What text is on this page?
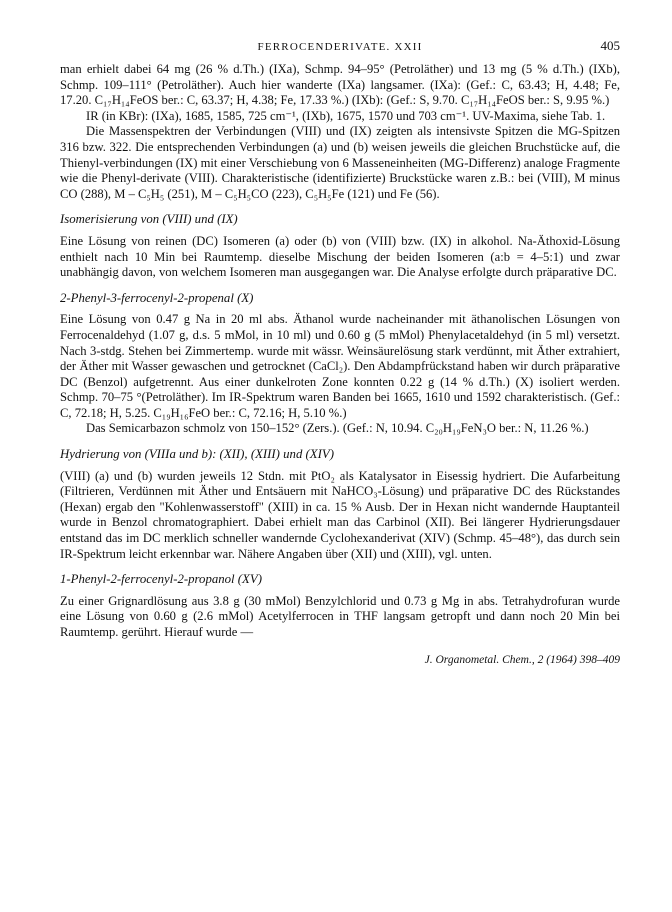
FERROCENDERIVATE. XXII	405

man erhielt dabei 64 mg (26 % d.Th.) (IXa), Schmp. 94–95° (Petroläther) und 13 mg (5 % d.Th.) (IXb), Schmp. 109–111° (Petroläther). Auch hier wanderte (IXa) langsamer. (IXa): (Gef.: C, 63.43; H, 4.48; Fe, 17.20. C₁₇H₁₄FeOS ber.: C, 63.37; H, 4.38; Fe, 17.33 %.) (IXb): (Gef.: S, 9.70. C₁₇H₁₄FeOS ber.: S, 9.95 %.)

IR (in KBr): (IXa), 1685, 1585, 725 cm⁻¹, (IXb), 1675, 1570 und 703 cm⁻¹. UV-Maxima, siehe Tab. 1.

Die Massenspektren der Verbindungen (VIII) und (IX) zeigten als intensivste Spitzen die MG-Spitzen 316 bzw. 322. Die entsprechenden Verbindungen (a) und (b) weisen jeweils die gleichen Bruchstücke auf, die Thienyl-verbindungen (IX) mit einer Verschiebung von 6 Masseneinheiten (MG-Differenz) analoge Fragmente wie die Phenyl-derivate (VIII). Charakteristische (identifizierte) Bruckstücke waren z.B.: bei (VIII), M minus CO (288), M – C₅H₅ (251), M – C₅H₅CO (223), C₅H₅Fe (121) und Fe (56).

Isomerisierung von (VIII) und (IX)

Eine Lösung von reinen (DC) Isomeren (a) oder (b) von (VIII) bzw. (IX) in alkohol. Na-Äthoxid-Lösung enthielt nach 10 Min bei Raumtemp. dieselbe Mischung der beiden Isomeren (a:b = 4–5:1) und zwar unabhängig davon, von welchem Isomeren man ausgegangen war. Die Analyse erfolgte durch präparative DC.

2-Phenyl-3-ferrocenyl-2-propenal (X)

Eine Lösung von 0.47 g Na in 20 ml abs. Äthanol wurde nacheinander mit äthanolischen Lösungen von Ferrocenaldehyd (1.07 g, d.s. 5 mMol, in 10 ml) und 0.60 g (5 mMol) Phenylacetaldehyd (in 5 ml) versetzt. Nach 3-stdg. Stehen bei Zimmertemp. wurde mit wässr. Weinsäurelösung stark verdünnt, mit Äther extrahiert, der Äther mit Wasser gewaschen und getrocknet (CaCl₂). Den Abdampfrückstand haben wir durch präparative DC (Benzol) aufgetrennt. Aus einer dunkelroten Zone konnten 0.22 g (14 % d.Th.) (X) isoliert werden. Schmp. 70–75 °(Petroläther). Im IR-Spektrum waren Banden bei 1665, 1610 und 1592 charakteristisch. (Gef.: C, 72.18; H, 5.25. C₁₉H₁₆FeO ber.: C, 72.16; H, 5.10 %.)

Das Semicarbazon schmolz von 150–152° (Zers.). (Gef.: N, 10.94. C₂₀H₁₉FeN₃O ber.: N, 11.26 %.)

Hydrierung von (VIIIa und b): (XII), (XIII) und (XIV)

(VIII) (a) und (b) wurden jeweils 12 Stdn. mit PtO₂ als Katalysator in Eisessig hydriert. Die Aufarbeitung (Filtrieren, Verdünnen mit Äther und Entsäuern mit NaHCO₃-Lösung) und präparative DC des Rückstandes (Hexan) ergab den "Kohlenwasserstoff" (XIII) in ca. 15 % Ausb. Der in Hexan nicht wandernde Hauptanteil wurde in Benzol chromatographiert. Dabei erhielt man das Carbinol (XII). Bei längerer Hydrierungsdauer entstand das im DC merklich schneller wandernde Cyclohexanderivat (XIV) (Schmp. 45–48°), das durch sein IR-Spektrum leicht erkennbar war. Nähere Angaben über (XII) und (XIII), vgl. unten.

1-Phenyl-2-ferrocenyl-2-propanol (XV)

Zu einer Grignardlösung aus 3.8 g (30 mMol) Benzylchlorid und 0.73 g Mg in abs. Tetrahydrofuran wurde eine Lösung von 0.60 g (2.6 mMol) Acetylferrocen in THF langsam getropft und dann noch 20 Min bei Raumtemp. gerührt. Hierauf wurde —

J. Organometal. Chem., 2 (1964) 398–409
